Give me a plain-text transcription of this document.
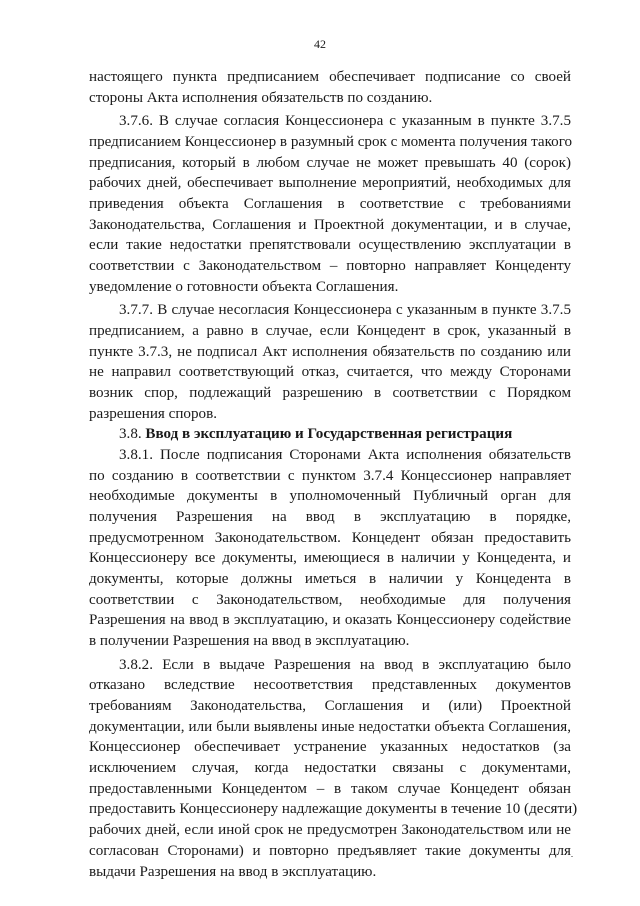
42
настоящего пункта предписанием обеспечивает подписание со своей
стороны Акта исполнения обязательств по созданию.
3.7.6. В случае согласия Концессионера с указанным в пункте 3.7.5
предписанием Концессионер в разумный срок с момента получения такого
предписания, который в любом случае не может превышать 40 (сорок)
рабочих дней, обеспечивает выполнение мероприятий, необходимых для
приведения объекта Соглашения в соответствие с требованиями
Законодательства, Соглашения и Проектной документации, и в случае,
если такие недостатки препятствовали осуществлению эксплуатации в
соответствии с Законодательством – повторно направляет Концеденту
уведомление о готовности объекта Соглашения.
3.7.7. В случае несогласия Концессионера с указанным в пункте 3.7.5
предписанием, а равно в случае, если Концедент в срок, указанный в
пункте 3.7.3, не подписал Акт исполнения обязательств по созданию или
не направил соответствующий отказ, считается, что между Сторонами
возник спор, подлежащий разрешению в соответствии с Порядком
разрешения споров.
3.8. Ввод в эксплуатацию и Государственная регистрация
3.8.1. После подписания Сторонами Акта исполнения обязательств
по созданию в соответствии с пунктом 3.7.4 Концессионер направляет
необходимые документы в уполномоченный Публичный орган для
получения Разрешения на ввод в эксплуатацию в порядке,
предусмотренном Законодательством. Концедент обязан предоставить
Концессионеру все документы, имеющиеся в наличии у Концедента, и
документы, которые должны иметься в наличии у Концедента в
соответствии с Законодательством, необходимые для получения
Разрешения на ввод в эксплуатацию, и оказать Концессионеру содействие
в получении Разрешения на ввод в эксплуатацию.
3.8.2. Если в выдаче Разрешения на ввод в эксплуатацию было
отказано вследствие несоответствия представленных документов
требованиям Законодательства, Соглашения и (или) Проектной
документации, или были выявлены иные недостатки объекта Соглашения,
Концессионер обеспечивает устранение указанных недостатков (за
исключением случая, когда недостатки связаны с документами,
предоставленными Концедентом – в таком случае Концедент обязан
предоставить Концессионеру надлежащие документы в течение 10 (десяти)
рабочих дней, если иной срок не предусмотрен Законодательством или не
согласован Сторонами) и повторно предъявляет такие документы для
выдачи Разрешения на ввод в эксплуатацию.
